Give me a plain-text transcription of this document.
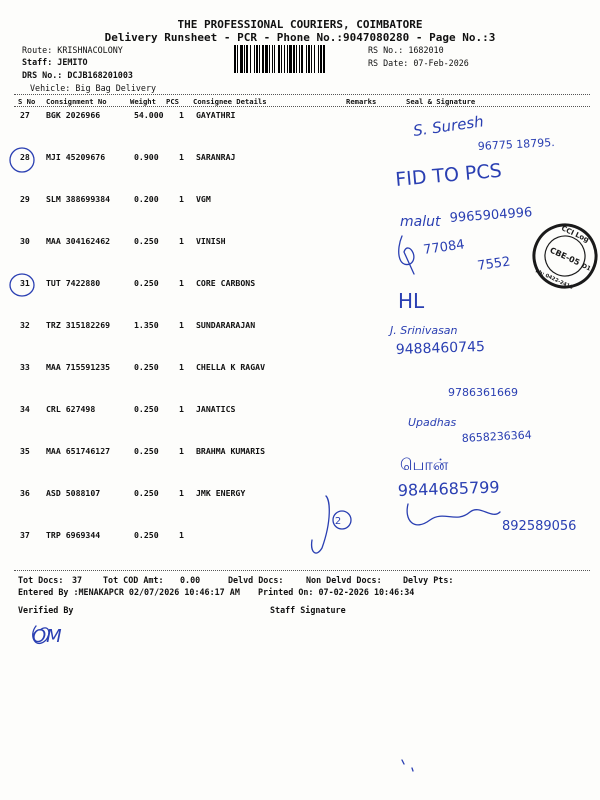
THE PROFESSIONAL COURIERS, COIMBATORE
Delivery Runsheet - PCR - Phone No.:9047080280 - Page No.:3
Route: KRISHNACOLONY
Staff: JEMITO
DRS No.: DCJB168201003
Vehicle: Big Bag Delivery
RS No.: 1682010
RS Date: 07-Feb-2026
S No Consignment No	Weight PCS Consignee Details	Remarks	Seal & Signature
27 BGK 2026966	54.000 1 GAYATHRI
28 MJI 45209676	0.900 1 SARANRAJ
29 SLM 388699384	0.200 1 VGM
30 MAA 304162462	0.250 1 VINISH
31 TUT 7422880	0.250 1 CORE CARBONS
32 TRZ 315182269	1.350 1 SUNDARARAJAN
33 MAA 715591235	0.250 1 CHELLA K RAGAV
34 CRL 627498	0.250 1 JANATICS
35 MAA 651746127	0.250 1 BRAHMA KUMARIS
36 ASD 5088107	0.250 1 JMK ENERGY
37 TRP 6969344	0.250 1
Tot Docs: 37 Tot COD Amt: 0.00	Delvd Docs:	Non Delvd Docs:	Delvy Pts:
Entered By :MENAKAPCR 02/07/2026 10:46:17 AM Printed On: 07-02-2026 10:46:34
Verified By	Staff Signature
S. Suresh
96775 18795.
FID TO PCS
malut 9965904996
77084
7552
HL
J. Srinivasan
9488460745
9786361669
Upadhas
8658236364
பொன்
9844685799
2	892589056
OM
CCI Log
CBE-05
D1
Ph: 0422-2418
